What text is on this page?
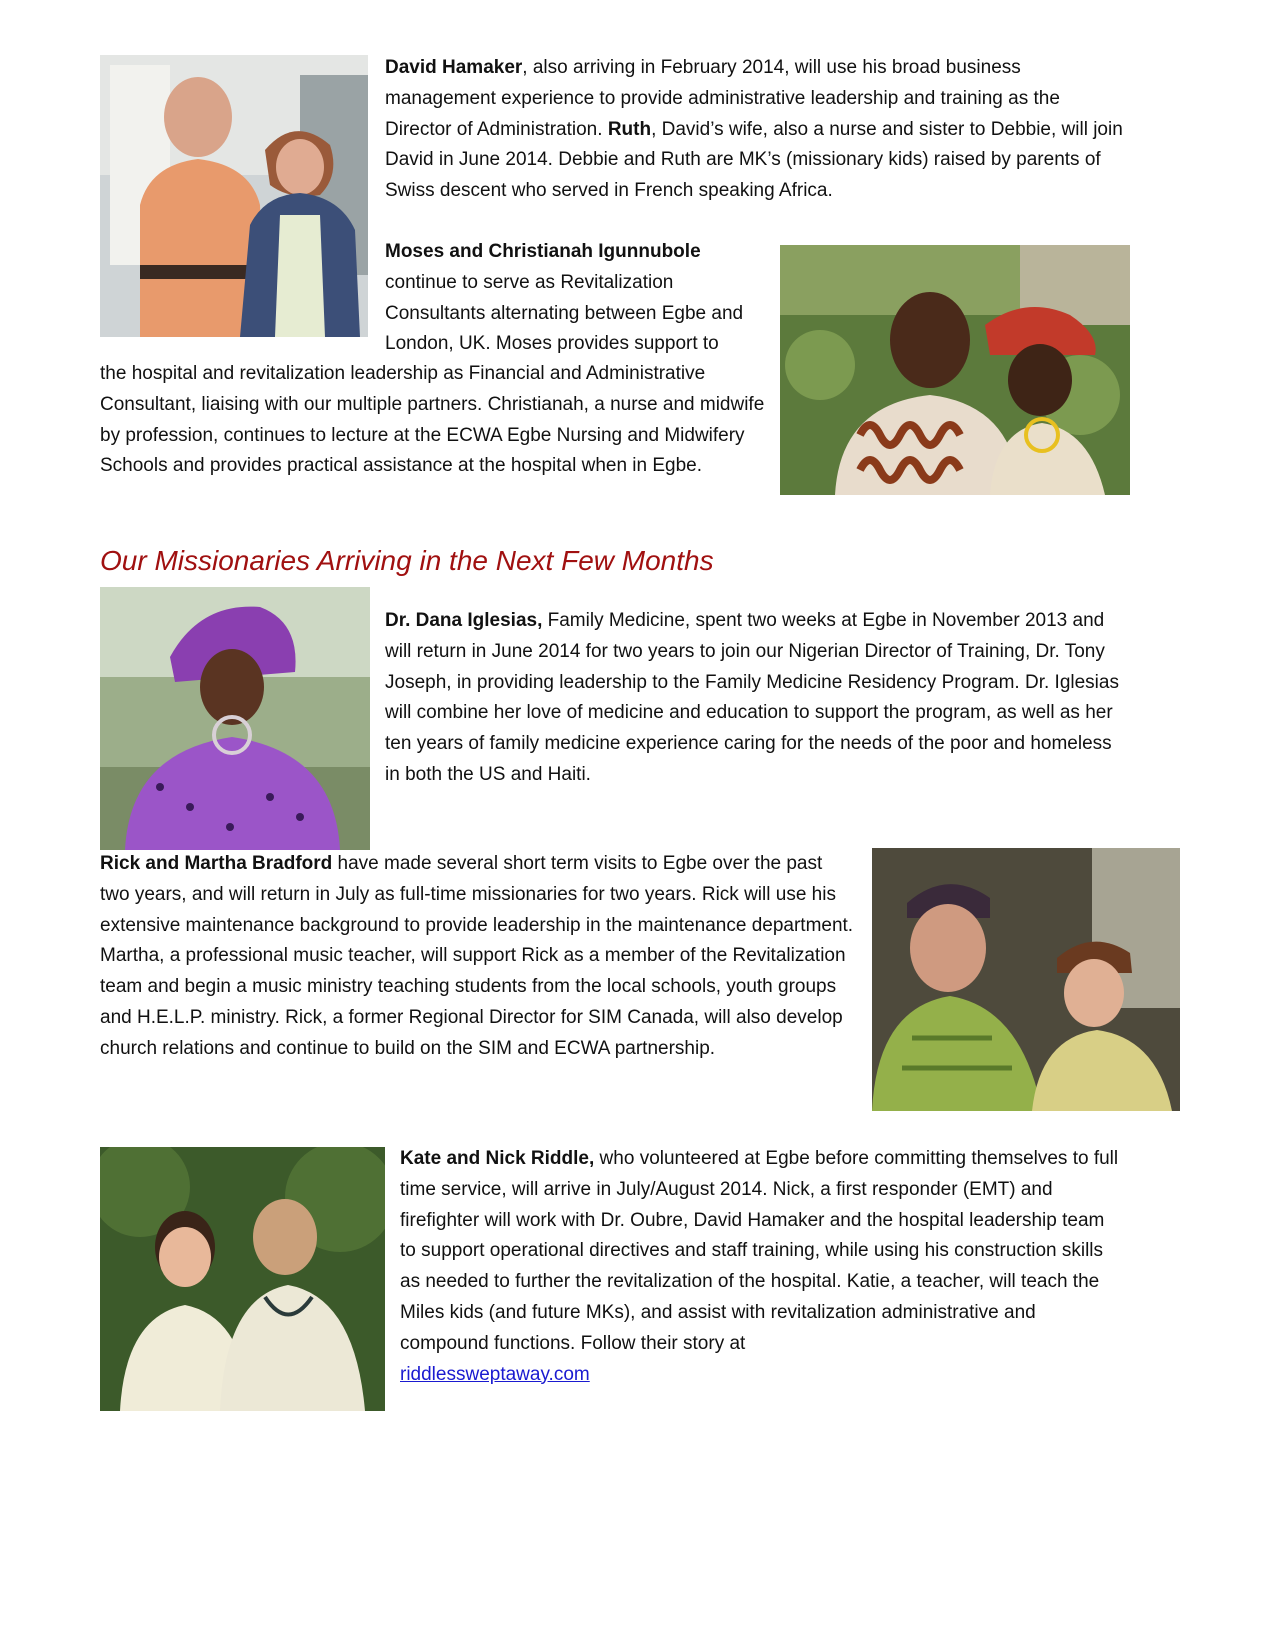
David Hamaker, also arriving in February 2014, will use his broad business management experience to provide administrative leadership and training as the Director of Administration. Ruth, David’s wife, also a nurse and sister to Debbie, will join David in June 2014. Debbie and Ruth are MK’s (missionary kids) raised by parents of Swiss descent who served in French speaking Africa.

Moses and Christianah Igunnubole
continue to serve as Revitalization Consultants alternating between Egbe and London, UK. Moses provides support to

the hospital and revitalization leadership as Financial and Administrative Consultant, liaising with our multiple partners. Christianah, a nurse and midwife by profession, continues to lecture at the ECWA Egbe Nursing and Midwifery Schools and provides practical assistance at the hospital when in Egbe.

Our Missionaries Arriving in the Next Few Months

Dr. Dana Iglesias, Family Medicine, spent two weeks at Egbe in November 2013 and will return in June 2014 for two years to join our Nigerian Director of Training, Dr. Tony Joseph, in providing leadership to the Family Medicine Residency Program. Dr. Iglesias will combine her love of medicine and education to support the program, as well as her ten years of family medicine experience caring for the needs of the poor and homeless in both the US and Haiti.

Rick and Martha Bradford have made several short term visits to Egbe over the past two years, and will return in July as full-time missionaries for two years. Rick will use his extensive maintenance background to provide leadership in the maintenance department. Martha, a professional music teacher, will support Rick as a member of the Revitalization team and begin a music ministry teaching students from the local schools, youth groups and H.E.L.P. ministry. Rick, a former Regional Director for SIM Canada, will also develop church relations and continue to build on the SIM and ECWA partnership.

Kate and Nick Riddle, who volunteered at Egbe before committing themselves to full time service, will arrive in July/August 2014. Nick, a first responder (EMT) and firefighter will work with Dr. Oubre, David Hamaker and the hospital leadership team to support operational directives and staff training, while using his construction skills as needed to further the revitalization of the hospital. Katie, a teacher, will teach the Miles kids (and future MKs), and assist with revitalization administrative and compound functions. Follow their story at
riddlessweptaway.com
